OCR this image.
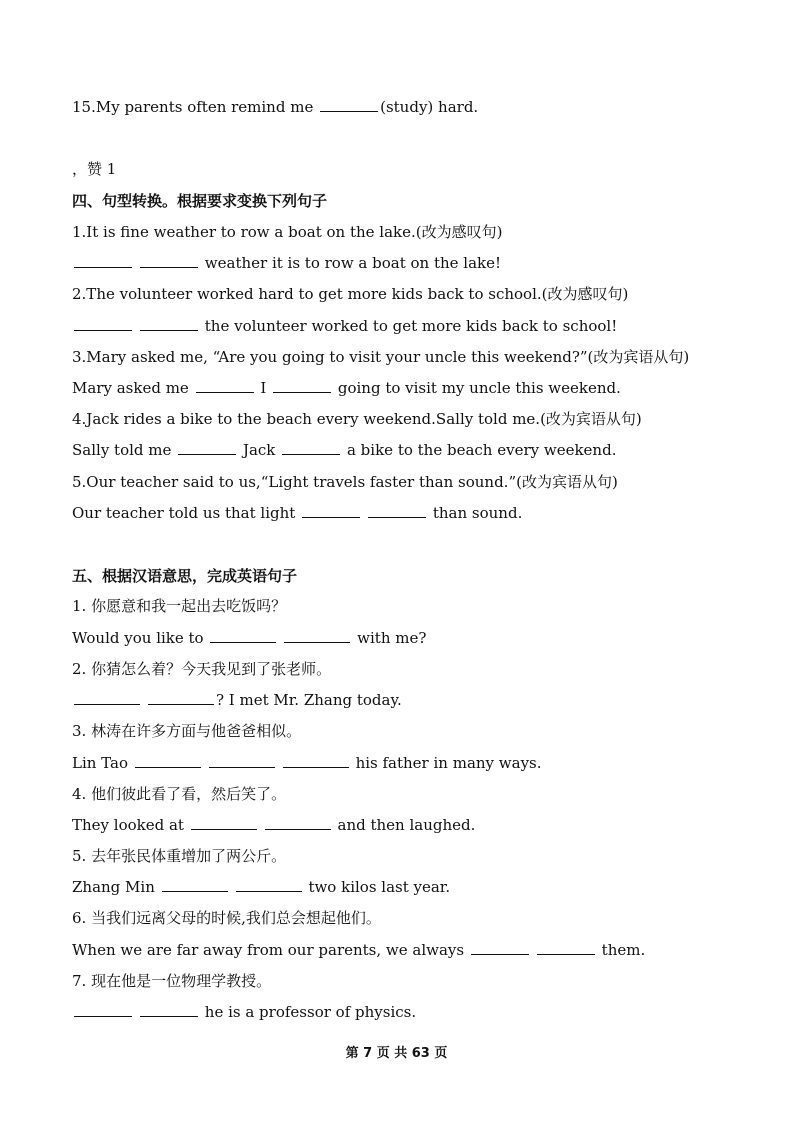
15.My parents often remind me	(study) hard.
，赞 1
四、句型转换。根据要求变换下列句子
1.It is fine weather to row a boat on the lake.(改为感叹句)
weather it is to row a boat on the lake!
2.The volunteer worked hard to get more kids back to school.(改为感叹句)
the volunteer worked to get more kids back to school!
3.Mary asked me, “Are you going to visit your uncle this weekend?”(改为宾语从句)
Mary asked me	I	going to visit my uncle this weekend.
4.Jack rides a bike to the beach every weekend.Sally told me.(改为宾语从句)
Sally told me	Jack	a bike to the beach every weekend.
5.Our teacher said to us,“Light travels faster than sound.”(改为宾语从句)
Our teacher told us that light	than sound.
五、根据汉语意思，完成英语句子
1. 你愿意和我一起出去吃饭吗？
Would you like to	with me?
2. 你猜怎么着？今天我见到了张老师。
? I met Mr. Zhang today.
3. 林涛在许多方面与他爸爸相似。
Lin Tao	his father in many ways.
4. 他们彼此看了看，然后笑了。
They looked at	and then laughed.
5. 去年张民体重增加了两公斤。
Zhang Min	two kilos last year.
6. 当我们远离父母的时候,我们总会想起他们。
When we are far away from our parents, we always	them.
7. 现在他是一位物理学教授。
he is a professor of physics.
第 7 页 共 63 页
